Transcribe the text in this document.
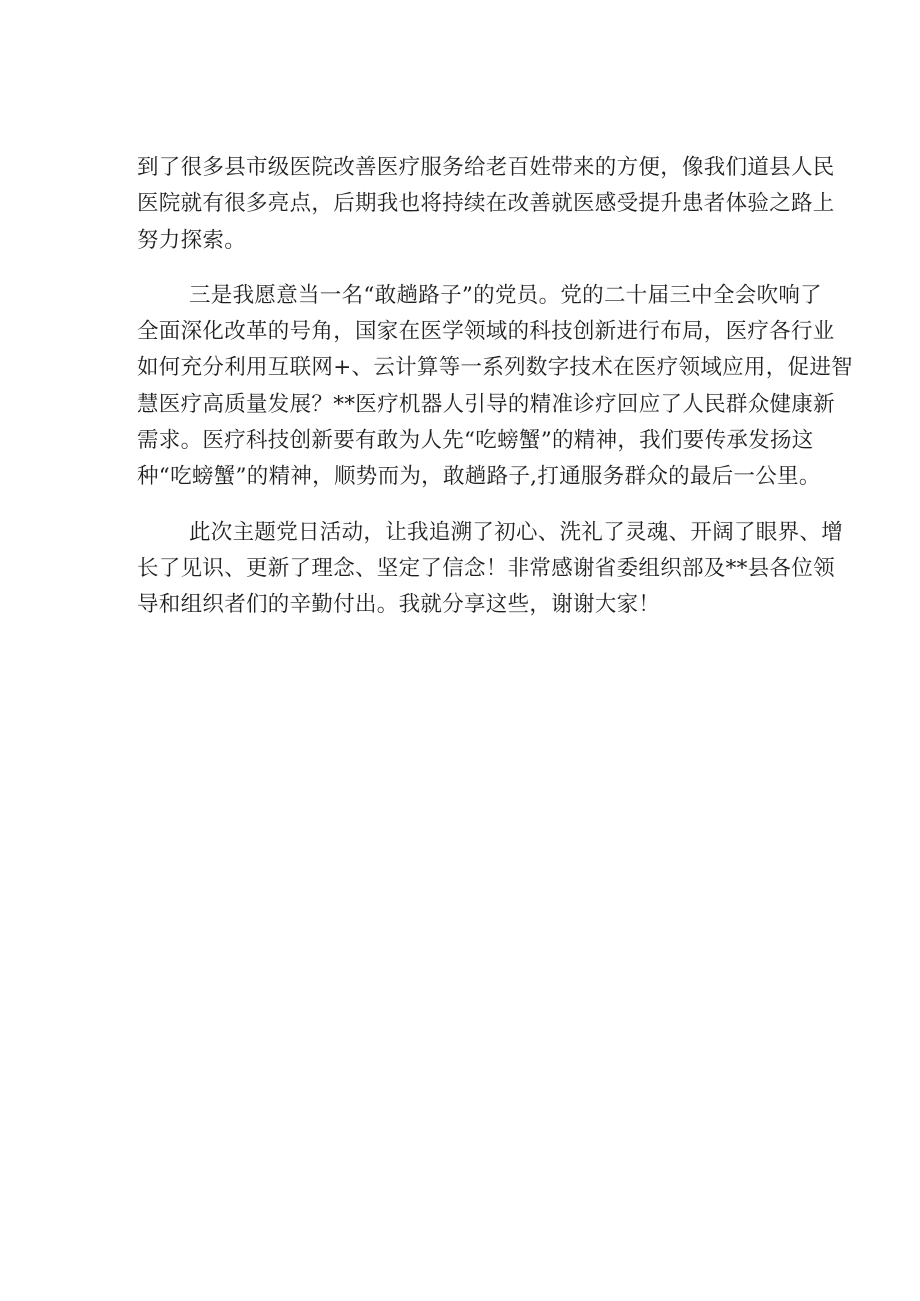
到了很多县市级医院改善医疗服务给老百姓带来的方便，像我们道县人民
医院就有很多亮点，后期我也将持续在改善就医感受提升患者体验之路上
努力探索。

三是我愿意当一名“敢趟路子”的党员。党的二十届三中全会吹响了
全面深化改革的号角，国家在医学领域的科技创新进行布局，医疗各行业
如何充分利用互联网+、云计算等一系列数字技术在医疗领域应用，促进智
慧医疗高质量发展？**医疗机器人引导的精准诊疗回应了人民群众健康新
需求。医疗科技创新要有敢为人先“吃螃蟹”的精神，我们要传承发扬这
种“吃螃蟹”的精神，顺势而为，敢趟路子,打通服务群众的最后一公里。

此次主题党日活动，让我追溯了初心、洗礼了灵魂、开阔了眼界、增
长了见识、更新了理念、坚定了信念！非常感谢省委组织部及**县各位领
导和组织者们的辛勤付出。我就分享这些，谢谢大家！
